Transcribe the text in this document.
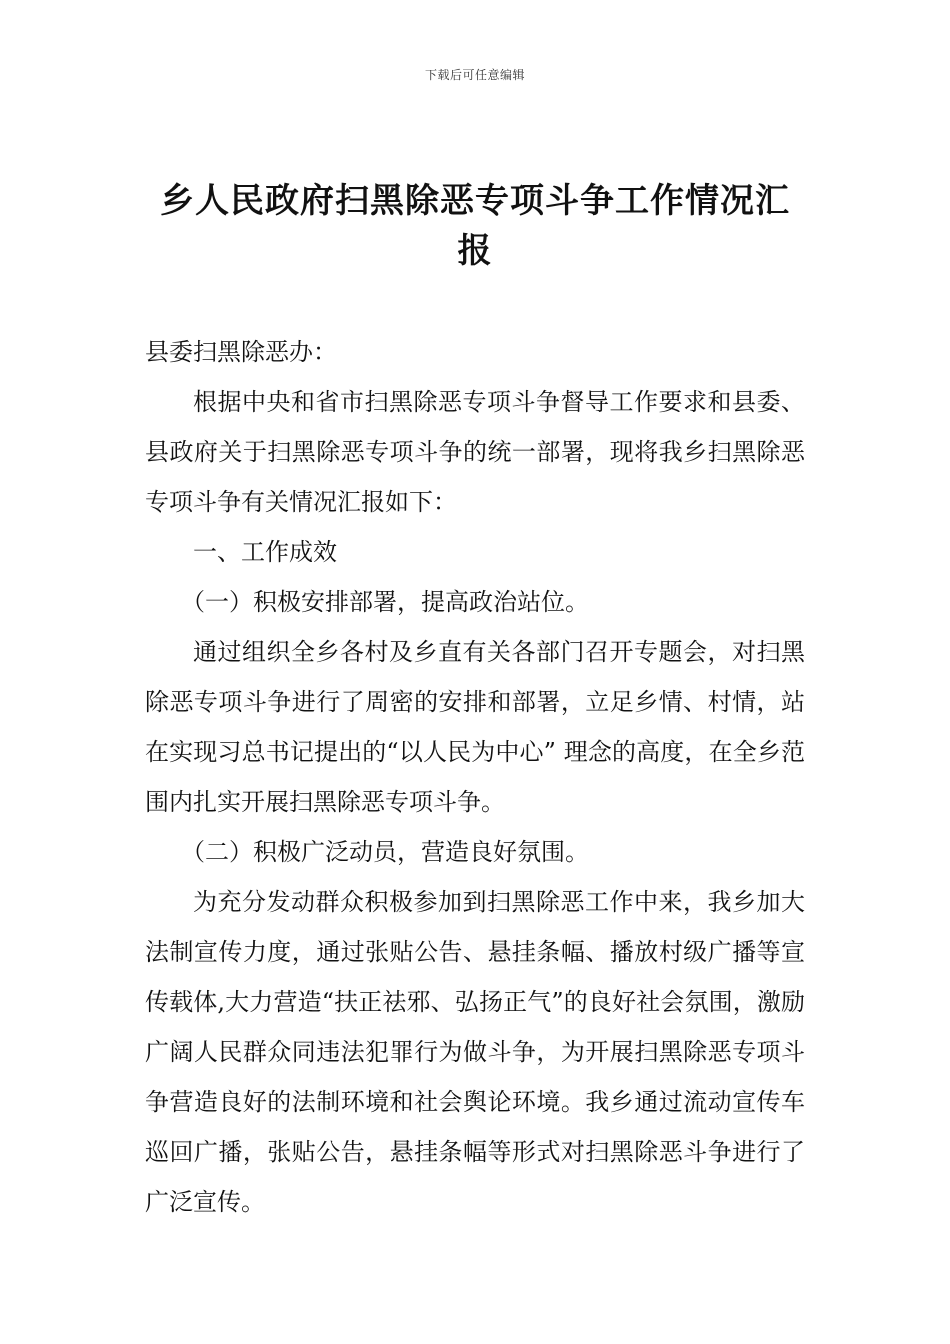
下载后可任意编辑
乡人民政府扫黑除恶专项斗争工作情况汇报

县委扫黑除恶办：

根据中央和省市扫黑除恶专项斗争督导工作要求和县委、县政府关于扫黑除恶专项斗争的统一部署，现将我乡扫黑除恶专项斗争有关情况汇报如下：

一、工作成效

（一）积极安排部署，提高政治站位。

通过组织全乡各村及乡直有关各部门召开专题会，对扫黑除恶专项斗争进行了周密的安排和部署，立足乡情、村情，站在实现习总书记提出的“以人民为中心” 理念的高度，在全乡范围内扎实开展扫黑除恶专项斗争。

（二）积极广泛动员，营造良好氛围。

为充分发动群众积极参加到扫黑除恶工作中来，我乡加大法制宣传力度，通过张贴公告、悬挂条幅、播放村级广播等宣传载体,大力营造“扶正祛邪、弘扬正气”的良好社会氛围，激励广阔人民群众同违法犯罪行为做斗争，为开展扫黑除恶专项斗争营造良好的法制环境和社会舆论环境。我乡通过流动宣传车巡回广播，张贴公告，悬挂条幅等形式对扫黑除恶斗争进行了广泛宣传。
